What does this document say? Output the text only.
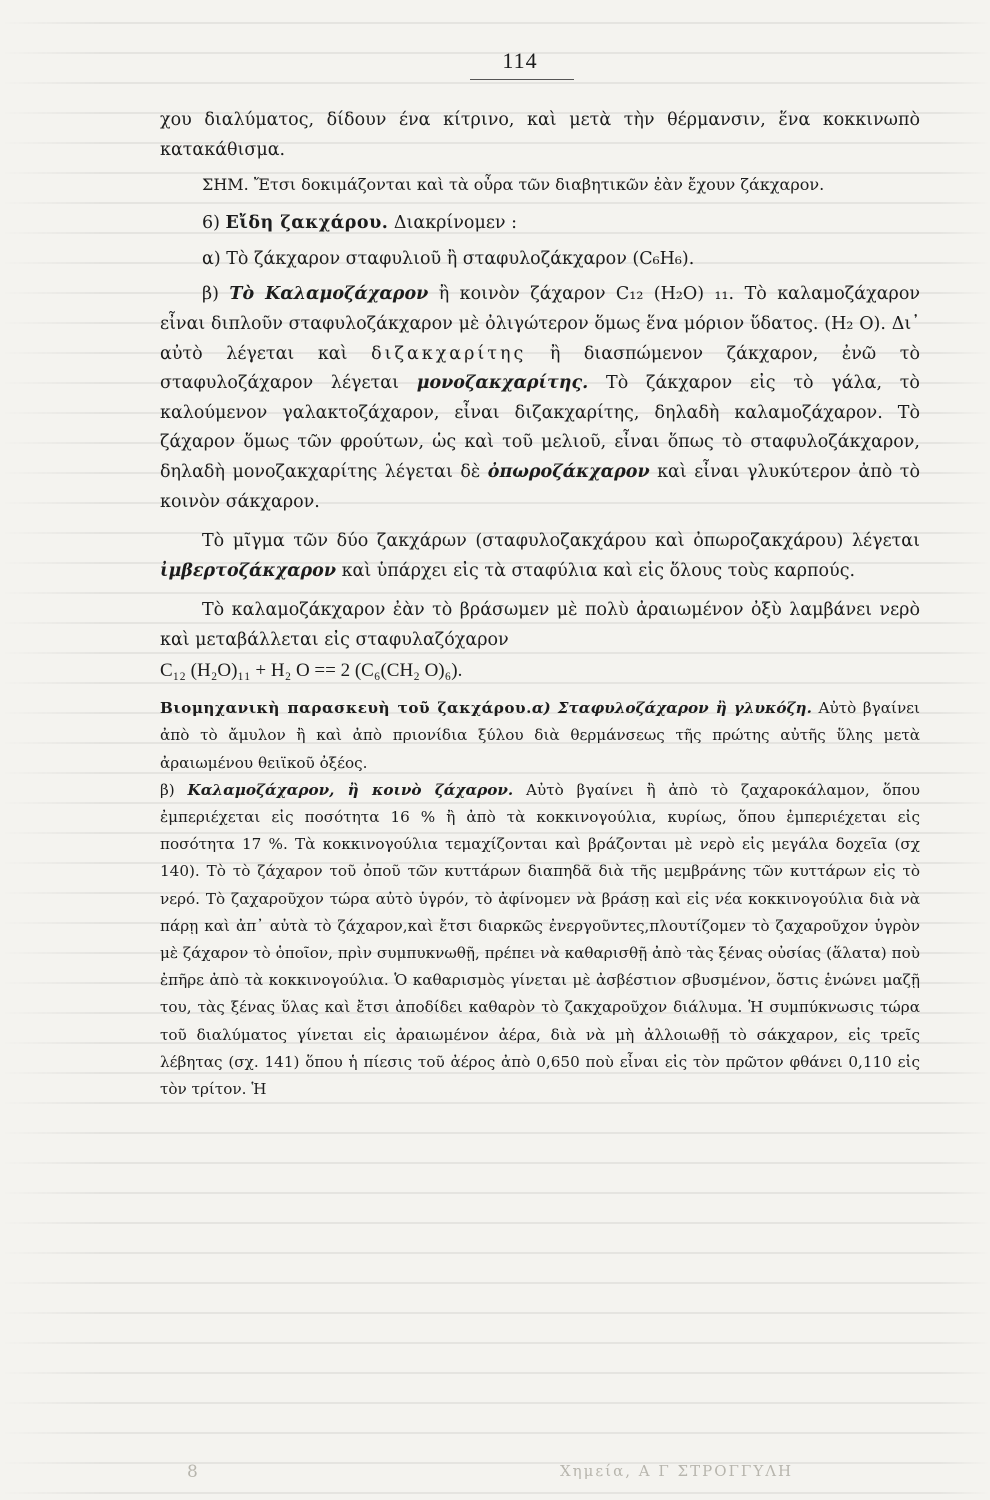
114

χου διαλύματος, δίδουν ένα κίτρινο, καὶ μετὰ τὴν θέρμανσιν, ἕνα κοκκινωπὸ κατακάθισμα.

ΣΗΜ. Ἔτσι δοκιμάζονται καὶ τὰ οὖρα τῶν διαβητικῶν ἐὰν ἔχουν ζάκχαρον.

6) Εἴδη ζακχάρου. Διακρίνομεν :

α) Τὸ ζάκχαρον σταφυλιοῦ ἢ σταφυλοζάκχαρον (C₆H₆).

β) Τὸ Καλαμοζάχαρον ἢ κοινὸν ζάχαρον C₁₂ (H₂O) ₁₁. Τὸ καλαμοζάχαρον εἶναι διπλοῦν σταφυλοζάκχαρον μὲ ὀλιγώτερον ὅμως ἕνα μόριον ὕδατος. (H₂ O). Δι᾿ αὐτὸ λέγεται καὶ διζακχαρίτης ἢ διασπώμενον ζάκχαρον, ἐνῶ τὸ σταφυλοζάχαρον λέγεται μονοζακχαρίτης. Τὸ ζάκχαρον εἰς τὸ γάλα, τὸ καλούμενον γαλακτοζάχαρον, εἶναι διζακχαρίτης, δηλαδὴ καλαμοζάχαρον. Τὸ ζάχαρον ὅμως τῶν φρούτων, ὡς καὶ τοῦ μελιοῦ, εἶναι ὅπως τὸ σταφυλοζάκχαρον, δηλαδὴ μονοζακχαρίτης λέγεται δὲ ὀπωροζάκχαρον καὶ εἶναι γλυκύτερον ἀπὸ τὸ κοινὸν σάκχαρον.

Τὸ μῖγμα τῶν δύο ζακχάρων (σταφυλοζακχάρου καὶ ὀπωροζακχάρου) λέγεται ἰμβερτοζάκχαρον καὶ ὑπάρχει εἰς τὰ σταφύλια καὶ εἰς ὅλους τοὺς καρπούς.

Τὸ καλαμοζάκχαρον ἐὰν τὸ βράσωμεν μὲ πολὺ ἀραιωμένον ὀξὺ λαμβάνει νερὸ καὶ μεταβάλλεται εἰς σταφυλαζόχαρον

C₁₂ (H₂O)₁₁ + H₂ O == 2 (C₆(CH₂ O)₆).

Βιομηχανικὴ παρασκευὴ τοῦ ζακχάρου.α) Σταφυλοζάχαρον ἢ γλυκόζη. Αὐτὸ βγαίνει ἀπὸ τὸ ἄμυλον ἢ καὶ ἀπὸ πριονίδια ξύλου διὰ θερμάνσεως τῆς πρώτης αὐτῆς ὕλης μετὰ ἀραιωμένου θειϊκοῦ ὀξέος.
β) Καλαμοζάχαρον, ἢ κοινὸ ζάχαρον. Αὐτὸ βγαίνει ἢ ἀπὸ τὸ ζαχαροκάλαμον, ὅπου ἐμπεριέχεται εἰς ποσότητα 16 % ἢ ἀπὸ τὰ κοκκινογούλια, κυρίως, ὅπου ἐμπεριέχεται εἰς ποσότητα 17 %. Τὰ κοκκινογούλια τεμαχίζονται καὶ βράζονται μὲ νερὸ εἰς μεγάλα δοχεῖα (σχ 140). Τὸ τὸ ζάχαρον τοῦ ὀποῦ τῶν κυττάρων διαπηδᾶ διὰ τῆς μεμβράνης τῶν κυττάρων εἰς τὸ νερό. Τὸ ζαχαροῦχον τώρα αὐτὸ ὑγρόν, τὸ ἀφίνομεν νὰ βράσῃ καὶ εἰς νέα κοκκινογούλια διὰ νὰ πάρῃ καὶ ἀπ᾿ αὐτὰ τὸ ζάχαρον,καὶ ἔτσι διαρκῶς ἐνεργοῦντες,πλουτίζομεν τὸ ζαχαροῦχον ὑγρὸν μὲ ζάχαρον τὸ ὁποῖον, πρὶν συμπυκνωθῇ, πρέπει νὰ καθαρισθῇ ἀπὸ τὰς ξένας οὐσίας (ἅλατα) ποὺ ἐπῆρε ἀπὸ τὰ κοκκινογούλια. Ὁ καθαρισμὸς γίνεται μὲ ἀσβέστιον σβυσμένον, ὅστις ἑνώνει μαζῇ του, τὰς ξένας ὕλας καὶ ἔτσι ἀποδίδει καθαρὸν τὸ ζακχαροῦχον διάλυμα. Ἡ συμπύκνωσις τώρα τοῦ διαλύματος γίνεται εἰς ἀραιωμένον ἀέρα, διὰ νὰ μὴ ἀλλοιωθῇ τὸ σάκχαρον, εἰς τρεῖς λέβητας (σχ. 141) ὅπου ἡ πίεσις τοῦ ἀέρος ἀπὸ 0,650 ποὺ εἶναι εἰς τὸν πρῶτον φθάνει 0,110 εἰς τὸν τρίτον. Ἡ

8	Χημεία, Α Γ ΣΤΡΟΓΓΥΛΗ
